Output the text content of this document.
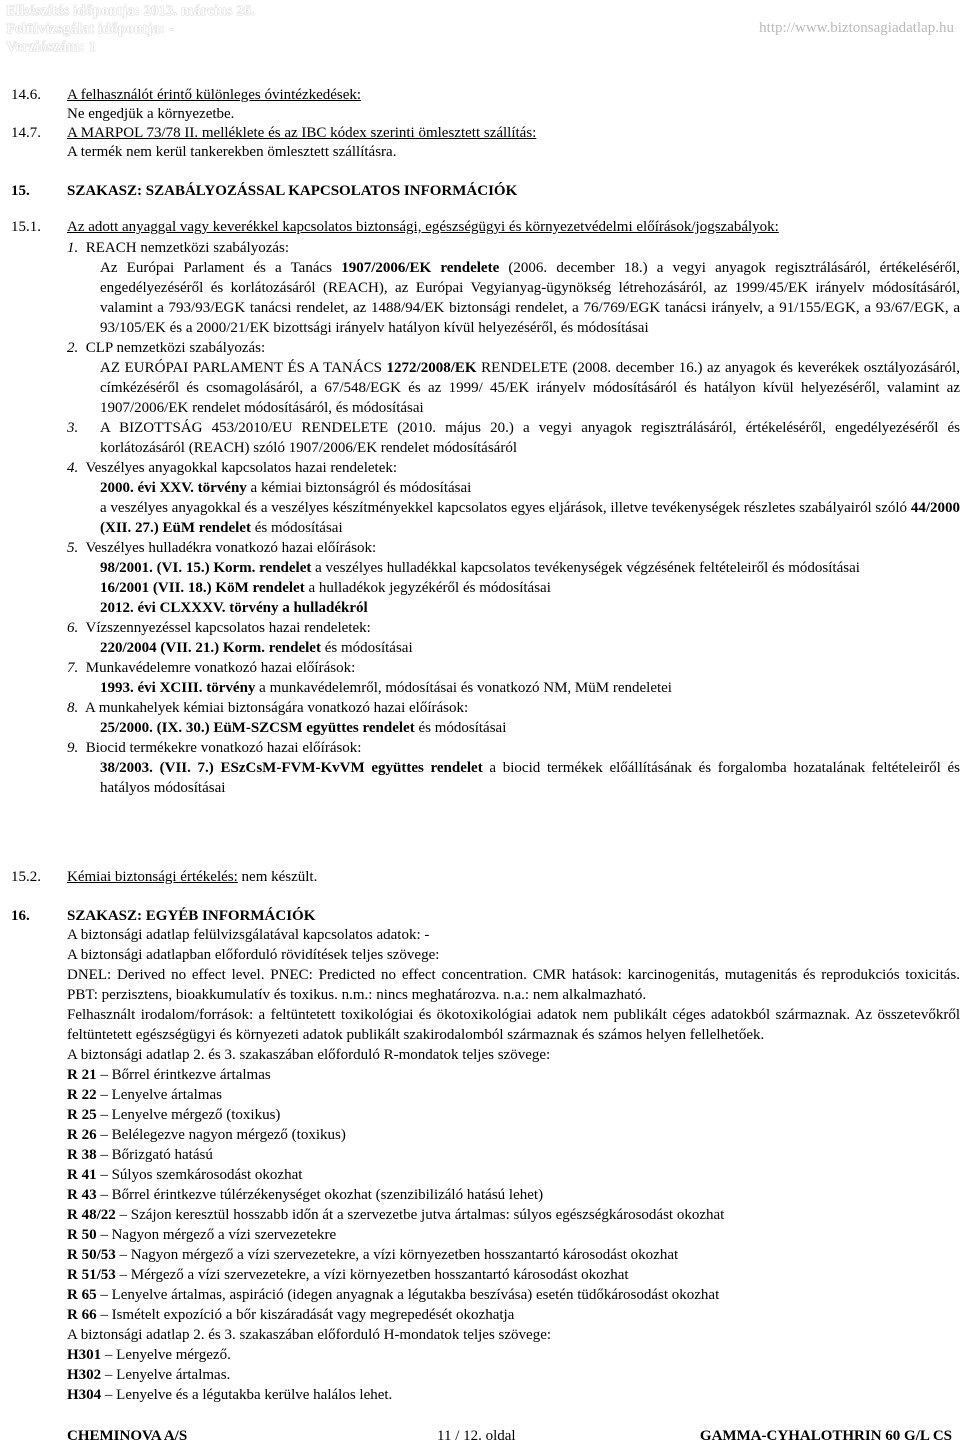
Elkészítés időpontja: 2013. március 26.
Felülvizsgálat időpontja: -
Verziószám: 1
http://www.biztonsagiadatlap.hu
14.6. A felhasználót érintő különleges óvintézkedések:
Ne engedjük a környezetbe.
14.7. A MARPOL 73/78 II. melléklete és az IBC kódex szerinti ömlesztett szállítás:
A termék nem kerül tankerekben ömlesztett szállításra.
15. SZAKASZ: SZABÁLYOZÁSSAL KAPCSOLATOS INFORMÁCIÓK
15.1. Az adott anyaggal vagy keverékkel kapcsolatos biztonsági, egészségügyi és környezetvédelmi előírások/jogszabályok:
1. REACH nemzetközi szabályozás:
Az Európai Parlament és a Tanács 1907/2006/EK rendelete (2006. december 18.) a vegyi anyagok regisztrálásáról, értékeléséről, engedélyezéséről és korlátozásáról (REACH), az Európai Vegyianyag-ügynökség létrehozásáról, az 1999/45/EK irányelv módosításáról, valamint a 793/93/EGK tanácsi rendelet, az 1488/94/EK biztonsági rendelet, a 76/769/EGK tanácsi irányelv, a 91/155/EGK, a 93/67/EGK, a 93/105/EK és a 2000/21/EK bizottsági irányelv hatályon kívül helyezéséről, és módosításai
2. CLP nemzetközi szabályozás:
AZ EURÓPAI PARLAMENT ÉS A TANÁCS 1272/2008/EK RENDELETE (2008. december 16.) az anyagok és keverékek osztályozásáról, címkézéséről és csomagolásáról, a 67/548/EGK és az 1999/ 45/EK irányelv módosításáról és hatályon kívül helyezéséről, valamint az 1907/2006/EK rendelet módosításáról, és módosításai
3.	A BIZOTTSÁG 453/2010/EU RENDELETE (2010. május 20.) a vegyi anyagok regisztrálásáról, értékeléséről, engedélyezéséről és korlátozásáról (REACH) szóló 1907/2006/EK rendelet módosításáról
4. Veszélyes anyagokkal kapcsolatos hazai rendeletek:
2000. évi XXV. törvény a kémiai biztonságról és módosításai
a veszélyes anyagokkal és a veszélyes készítményekkel kapcsolatos egyes eljárások, illetve tevékenységek részletes szabályairól szóló 44/2000 (XII. 27.) EüM rendelet és módosításai
5. Veszélyes hulladékra vonatkozó hazai előírások:
98/2001. (VI. 15.) Korm. rendelet a veszélyes hulladékkal kapcsolatos tevékenységek végzésének feltételeiről és módosításai
16/2001 (VII. 18.) KöM rendelet a hulladékok jegyzékéről és módosításai
2012. évi CLXXXV. törvény a hulladékról
6. Vízszennyezéssel kapcsolatos hazai rendeletek:
220/2004 (VII. 21.) Korm. rendelet és módosításai
7. Munkavédelemre vonatkozó hazai előírások:
1993. évi XCIII. törvény a munkavédelemről, módosításai és vonatkozó NM, MüM rendeletei
8. A munkahelyek kémiai biztonságára vonatkozó hazai előírások:
25/2000. (IX. 30.) EüM-SZCSM együttes rendelet és módosításai
9. Biocid termékekre vonatkozó hazai előírások:
38/2003. (VII. 7.) ESzCsM-FVM-KvVM együttes rendelet a biocid termékek előállításának és forgalomba hozatalának feltételeiről és hatályos módosításai
15.2. Kémiai biztonsági értékelés: nem készült.
16. SZAKASZ: EGYÉB INFORMÁCIÓK
A biztonsági adatlap felülvizsgálatával kapcsolatos adatok: -
A biztonsági adatlapban előforduló rövidítések teljes szövege:
DNEL: Derived no effect level. PNEC: Predicted no effect concentration. CMR hatások: karcinogenitás, mutagenitás és reprodukciós toxicitás. PBT: perzisztens, bioakkumulatív és toxikus. n.m.: nincs meghatározva. n.a.: nem alkalmazható.
Felhasznált irodalom/források: a feltüntetett toxikológiai és ökotoxikológiai adatok nem publikált céges adatokból származnak. Az összetevőkről feltüntetett egészségügyi és környezeti adatok publikált szakirodalomból származnak és számos helyen fellelhetőek.
A biztonsági adatlap 2. és 3. szakaszában előforduló R-mondatok teljes szövege:
R 21 – Bőrrel érintkezve ártalmas
R 22 – Lenyelve ártalmas
R 25 – Lenyelve mérgező (toxikus)
R 26 – Belélegezve nagyon mérgező (toxikus)
R 38 – Bőrizgató hatású
R 41 – Súlyos szemkárosodást okozhat
R 43 – Bőrrel érintkezve túlérzékenységet okozhat (szenzibilizáló hatású lehet)
R 48/22 – Szájon keresztül hosszabb időn át a szervezetbe jutva ártalmas: súlyos egészségkárosodást okozhat
R 50 – Nagyon mérgező a vízi szervezetekre
R 50/53 – Nagyon mérgező a vízi szervezetekre, a vízi környezetben hosszantartó károsodást okozhat
R 51/53 – Mérgező a vízi szervezetekre, a vízi környezetben hosszantartó károsodást okozhat
R 65 – Lenyelve ártalmas, aspiráció (idegen anyagnak a légutakba beszívása) esetén tüdőkárosodást okozhat
R 66 – Ismételt expozíció a bőr kiszáradását vagy megrepedését okozhatja
A biztonsági adatlap 2. és 3. szakaszában előforduló H-mondatok teljes szövege:
H301 – Lenyelve mérgező.
H302 – Lenyelve ártalmas.
H304 – Lenyelve és a légutakba kerülve halálos lehet.
CHEMINOVA A/S	11 / 12. oldal	GAMMA-CYHALOTHRIN 60 G/L CS
